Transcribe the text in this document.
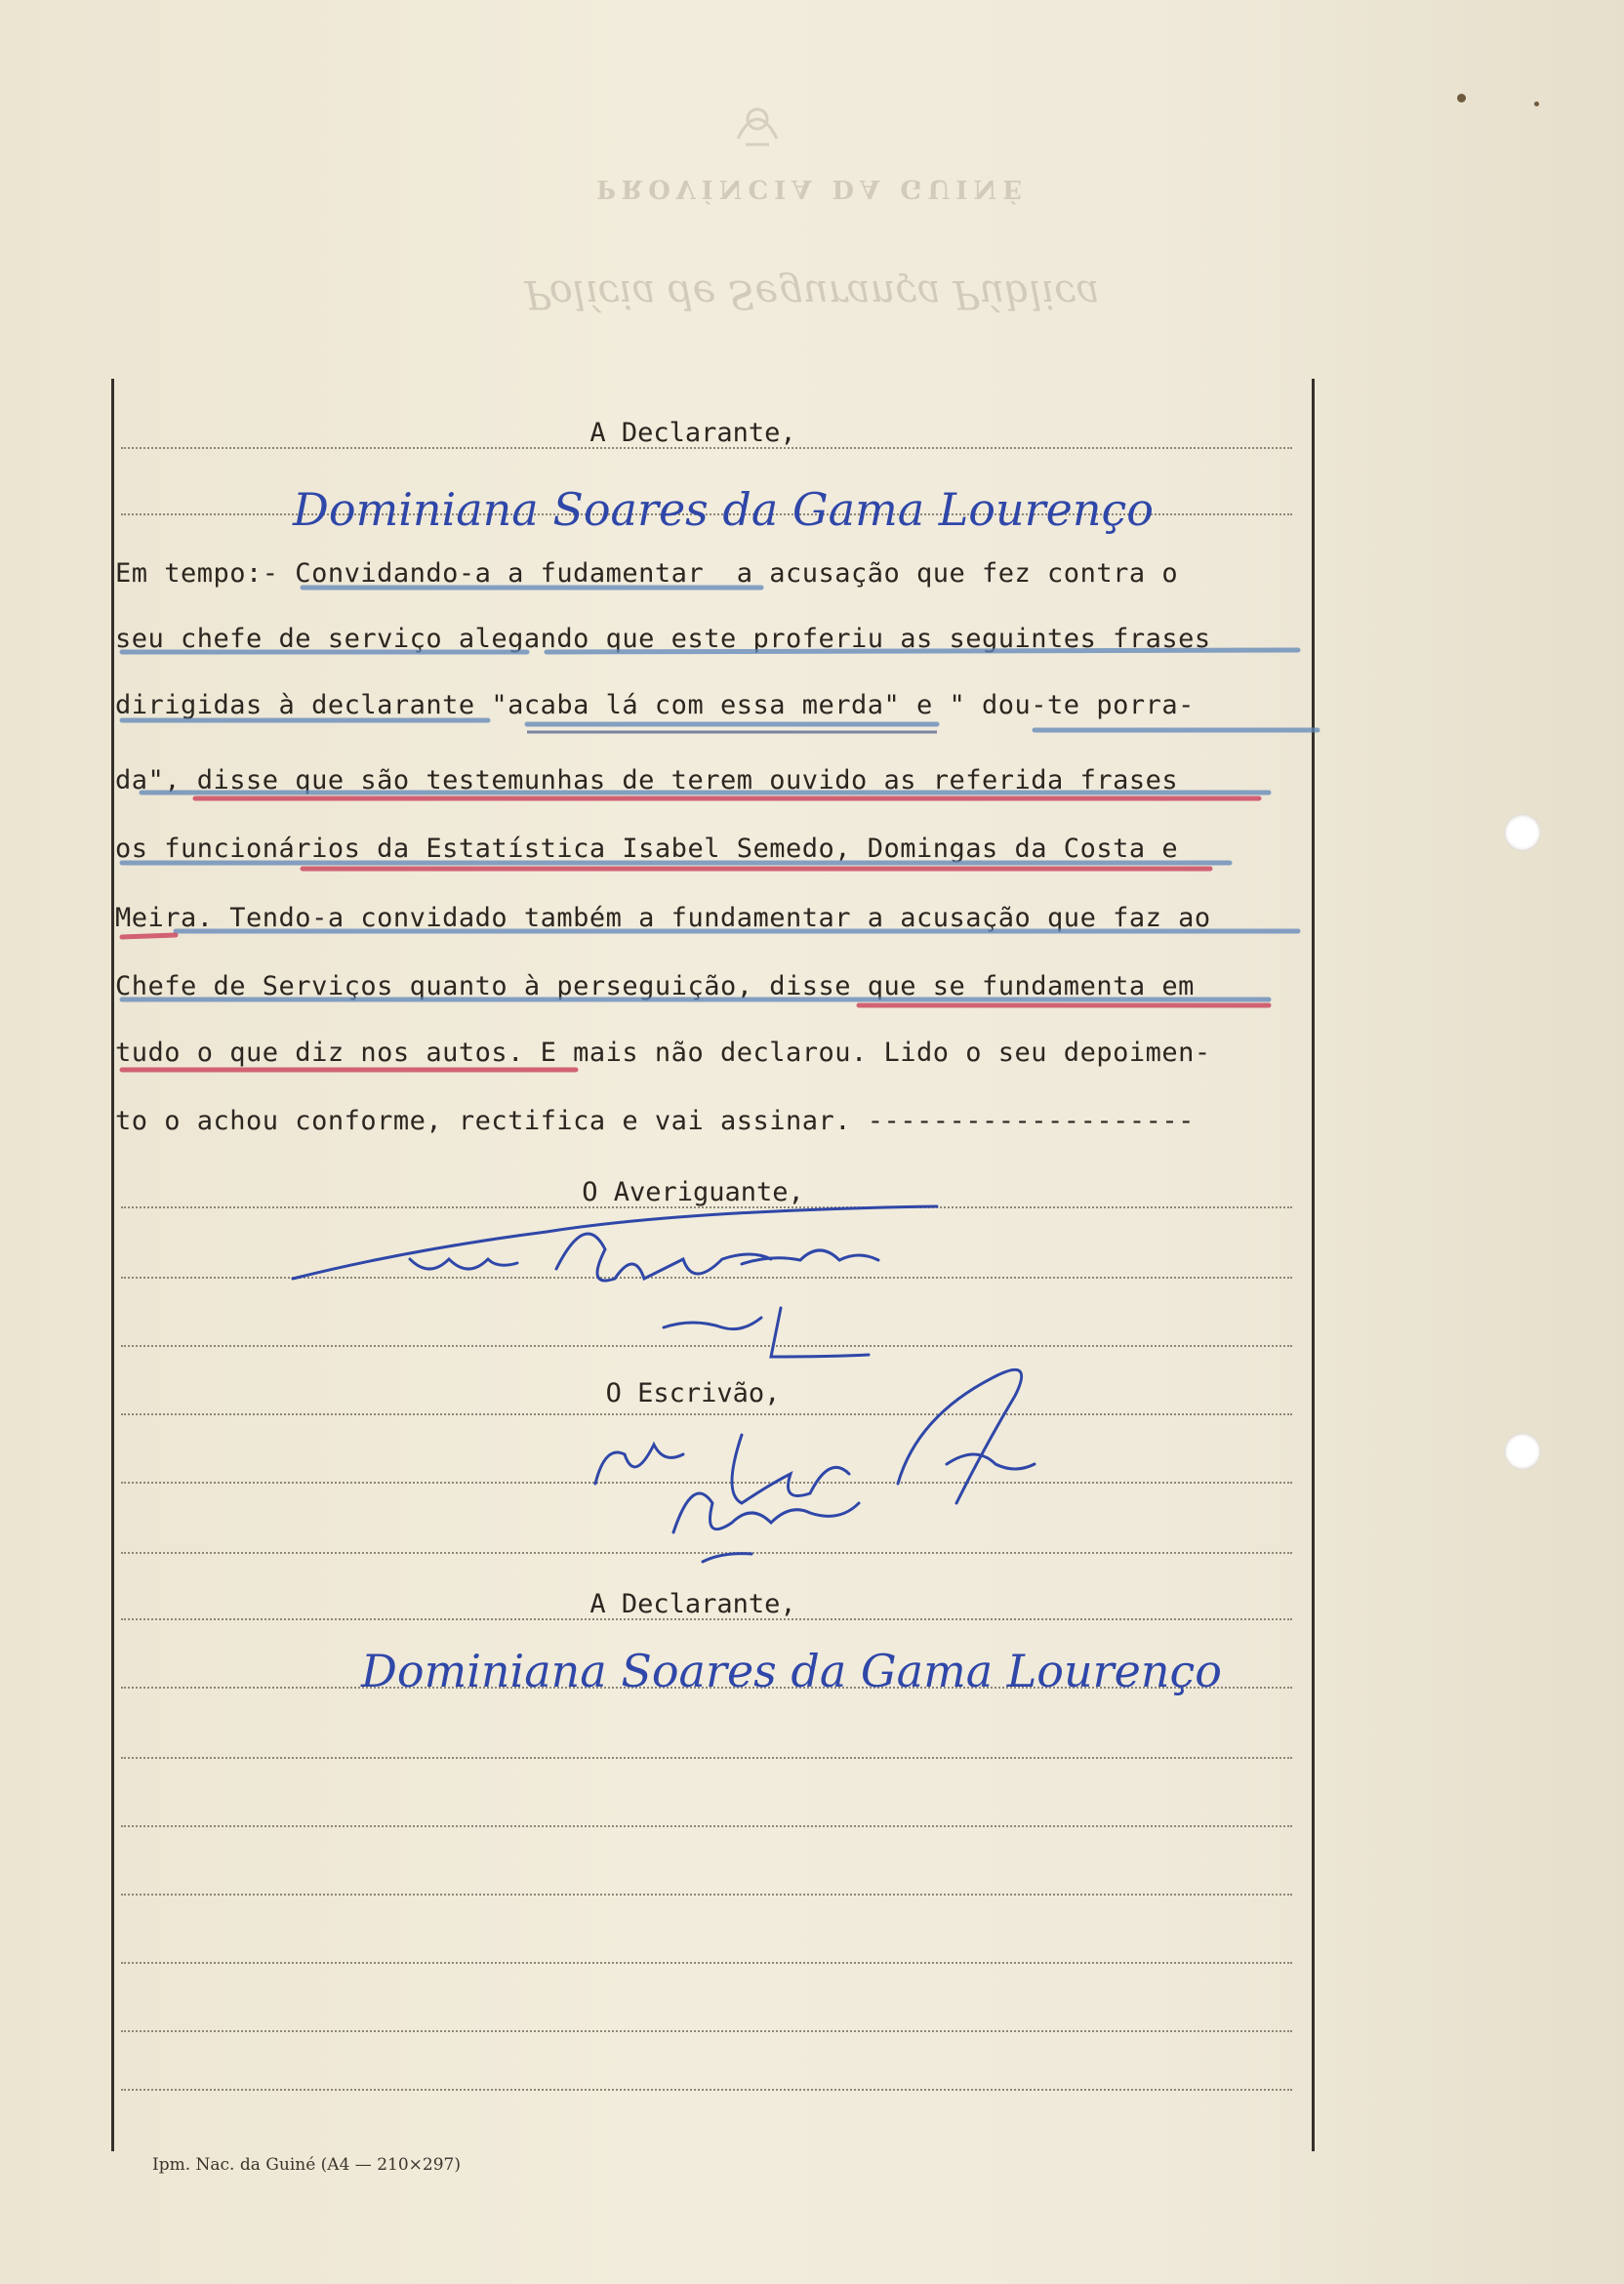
PROVÍNCIA DA GUINÉ
Polícia de Segurança Pública
A Declarante,
Dominiana Soares da Gama Lourenço
Em tempo:- Convidando-a a fudamentar  a acusação que fez contra o
seu chefe de serviço alegando que este proferiu as seguintes frases
dirigidas à declarante "acaba lá com essa merda" e " dou-te porra-
da", disse que são testemunhas de terem ouvido as referida frases
os funcionários da Estatística Isabel Semedo, Domingas da Costa e
Meira. Tendo-a convidado também a fundamentar a acusação que faz ao
Chefe de Serviços quanto à perseguição, disse que se fundamenta em
tudo o que diz nos autos. E mais não declarou. Lido o seu depoimen-
to o achou conforme, rectifica e vai assinar. --------------------
O Averiguante,
O Escrivão,
A Declarante,
Dominiana Soares da Gama Lourenço
Ipm. Nac. da Guiné (A4 — 210×297)
